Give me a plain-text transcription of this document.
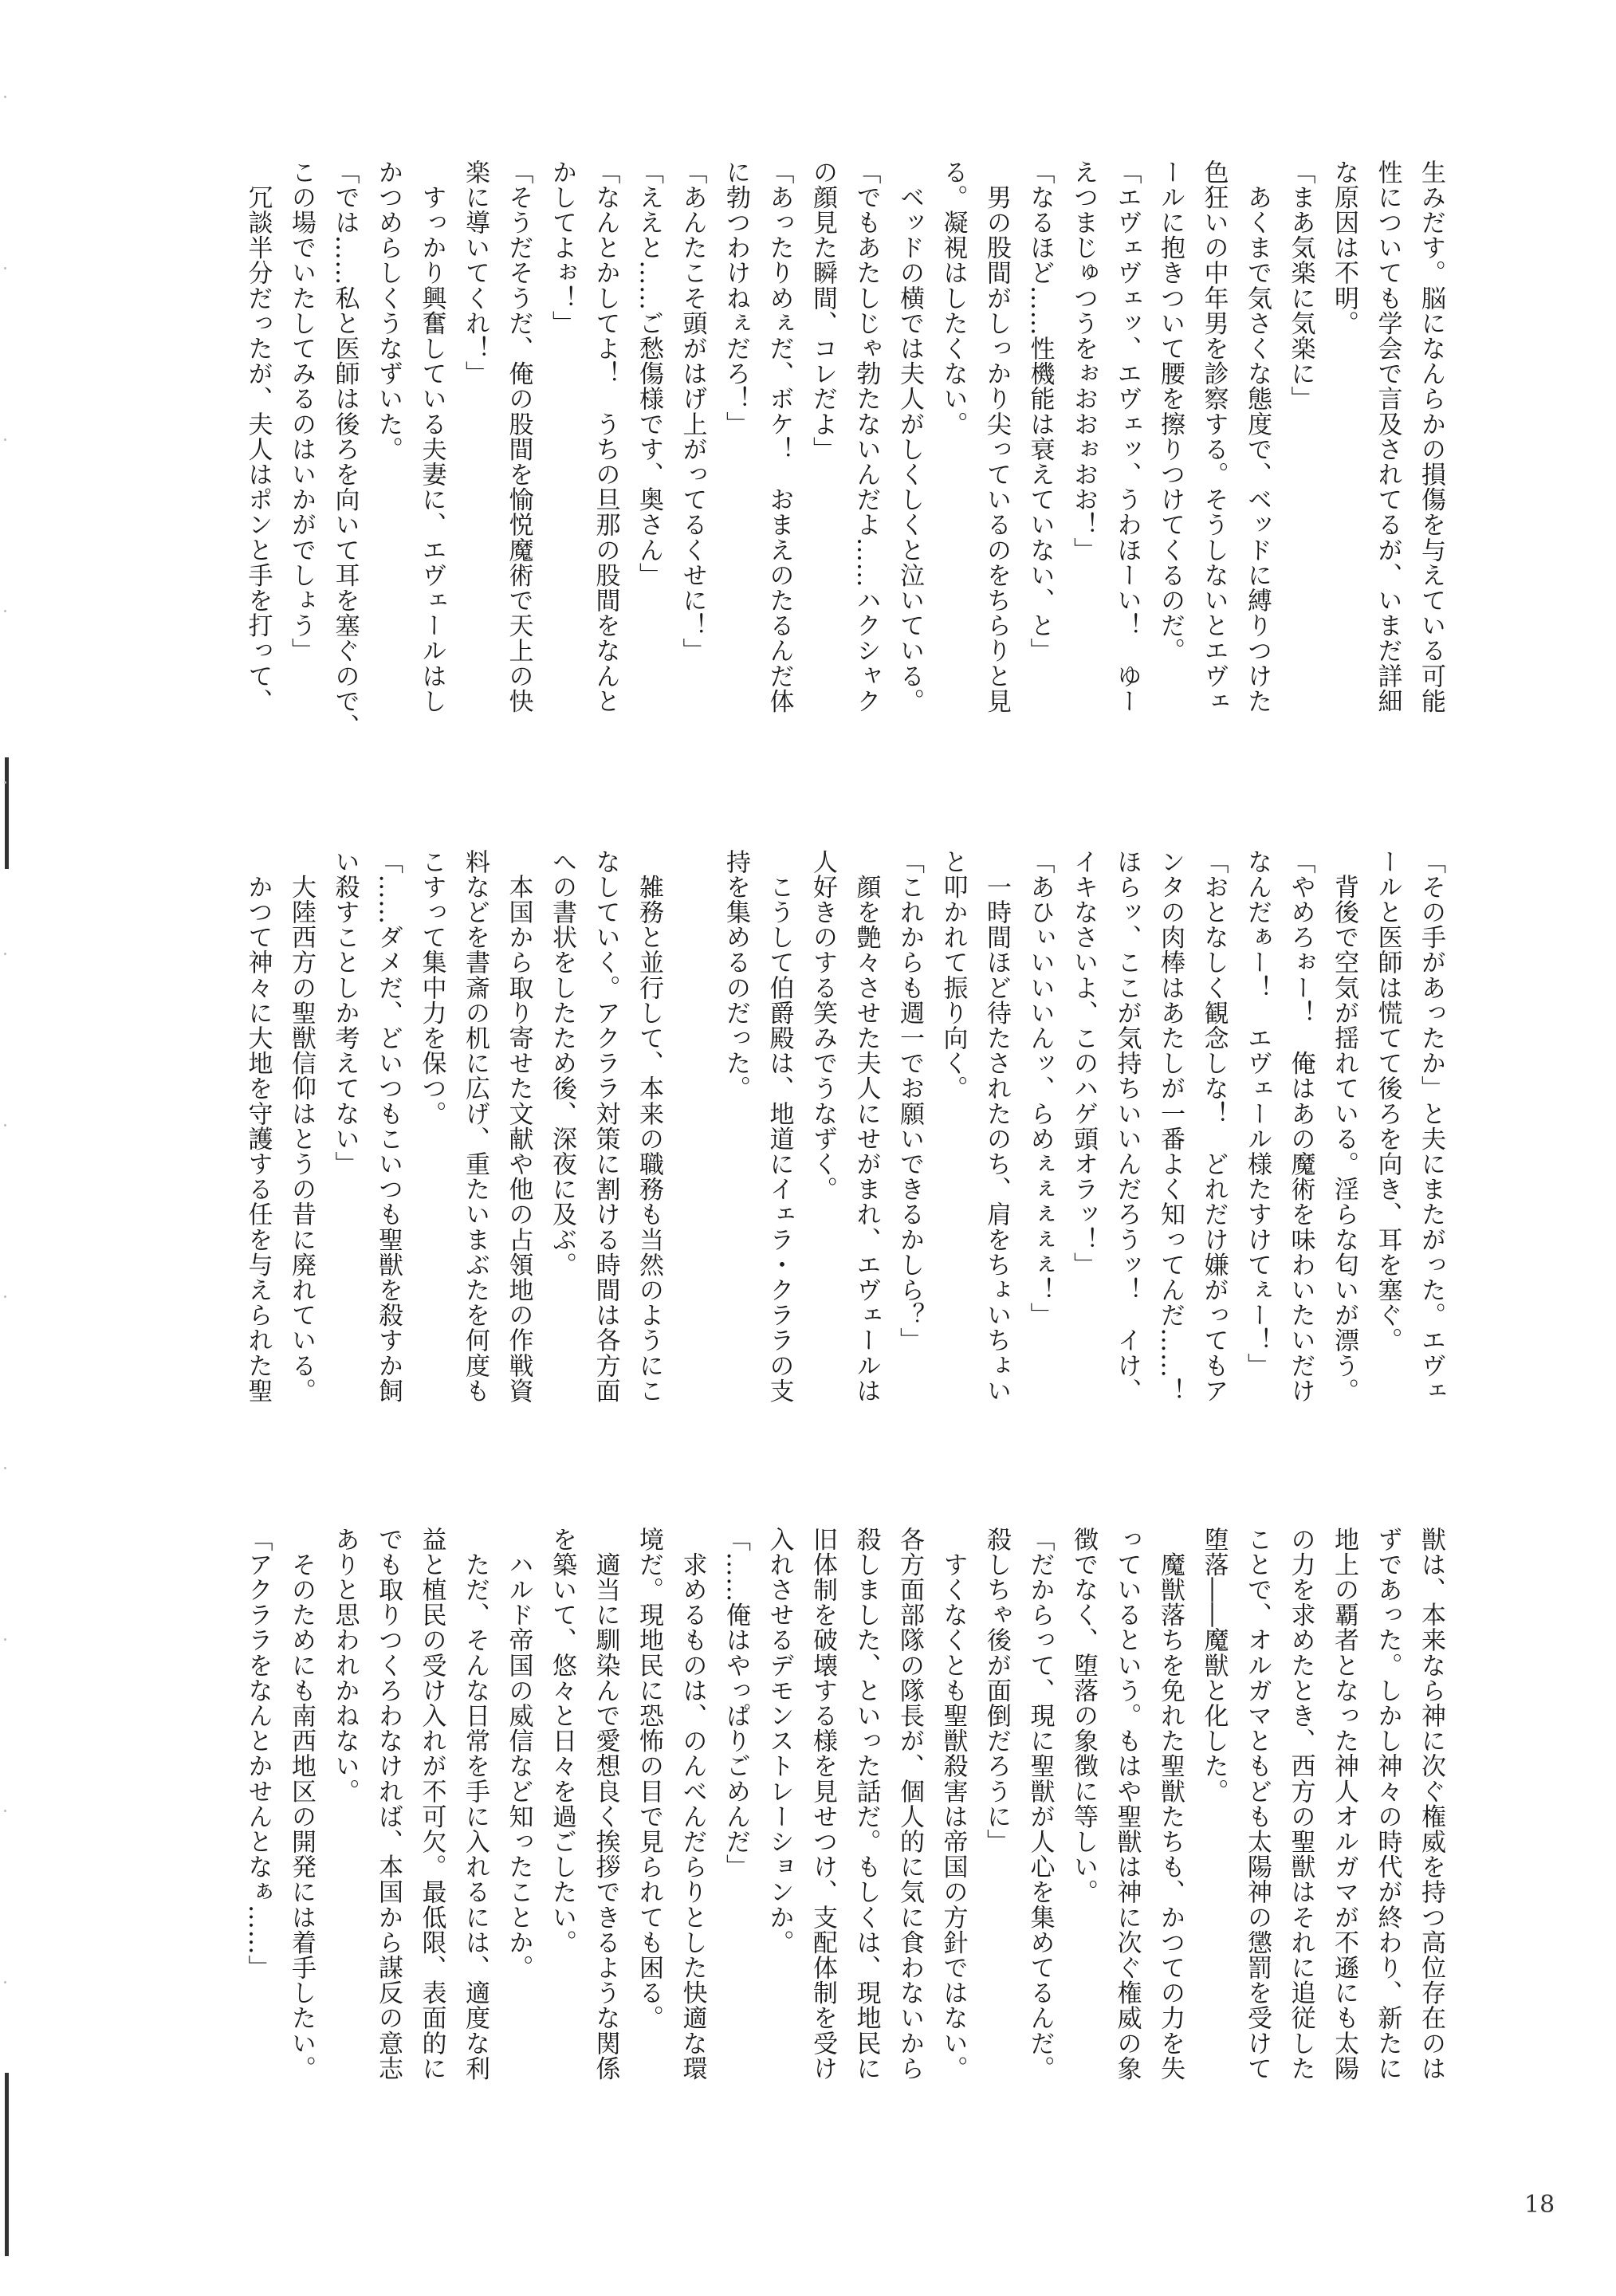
生みだす。脳になんらかの損傷を与えている可能
性についても学会で言及されてるが、いまだ詳細
な原因は不明。
「まあ気楽に気楽に」
　あくまで気さくな態度で、ベッドに縛りつけた
色狂いの中年男を診察する。そうしないとエヴェ
ールに抱きついて腰を擦りつけてくるのだ。
「エヴェヴェッ、エヴェッ、うわほーい！　ゆー
えつまじゅつうをぉおおぉおお！」
「なるほど……性機能は衰えていない、と」
　男の股間がしっかり尖っているのをちらりと見
る。凝視はしたくない。
　ベッドの横では夫人がしくしくと泣いている。
「でもあたしじゃ勃たないんだよ……ハクシャク
の顔見た瞬間、コレだよ」
「あったりめぇだ、ボケ！　おまえのたるんだ体
に勃つわけねぇだろ！」
「あんたこそ頭がはげ上がってるくせに！」
「ええと……ご愁傷様です、奥さん」
「なんとかしてよ！　うちの旦那の股間をなんと
かしてよぉ！」
「そうだそうだ、俺の股間を愉悦魔術で天上の快
楽に導いてくれ！」
　すっかり興奮している夫妻に、エヴェールはし
かつめらしくうなずいた。
「では……私と医師は後ろを向いて耳を塞ぐので、
この場でいたしてみるのはいかがでしょう」
　冗談半分だったが、夫人はポンと手を打って、
「その手があったか」と夫にまたがった。エヴェ
ールと医師は慌てて後ろを向き、耳を塞ぐ。
　背後で空気が揺れている。淫らな匂いが漂う。
「やめろぉー！　俺はあの魔術を味わいたいだけ
なんだぁー！　エヴェール様たすけてぇー！」
「おとなしく観念しな！　どれだけ嫌がってもア
ンタの肉棒はあたしが一番よく知ってんだ……！
ほらッ、ここが気持ちいいんだろうッ！　イけ、
イキなさいよ、このハゲ頭オラッ！」
「あひぃいいいんッ、らめぇぇぇぇぇ！」
　一時間ほど待たされたのち、肩をちょいちょい
と叩かれて振り向く。
「これからも週一でお願いできるかしら？」
　顔を艶々させた夫人にせがまれ、エヴェールは
人好きのする笑みでうなずく。
　こうして伯爵殿は、地道にイェラ・クララの支
持を集めるのだった。

　雑務と並行して、本来の職務も当然のようにこ
なしていく。アクララ対策に割ける時間は各方面
への書状をしたため後、深夜に及ぶ。
　本国から取り寄せた文献や他の占領地の作戦資
料などを書斎の机に広げ、重たいまぶたを何度も
こすって集中力を保つ。
「……ダメだ、どいつもこいつも聖獣を殺すか飼
い殺すことしか考えてない」
　大陸西方の聖獣信仰はとうの昔に廃れている。
　かつて神々に大地を守護する任を与えられた聖
獣は、本来なら神に次ぐ権威を持つ高位存在のは
ずであった。しかし神々の時代が終わり、新たに
地上の覇者となった神人オルガマが不遜にも太陽
の力を求めたとき、西方の聖獣はそれに追従した
ことで、オルガマともども太陽神の懲罰を受けて
堕落――魔獣と化した。
　魔獣落ちを免れた聖獣たちも、かつての力を失
っているという。もはや聖獣は神に次ぐ権威の象
徴でなく、堕落の象徴に等しい。
「だからって、現に聖獣が人心を集めてるんだ。
殺しちゃ後が面倒だろうに」
　すくなくとも聖獣殺害は帝国の方針ではない。
各方面部隊の隊長が、個人的に気に食わないから
殺しました、といった話だ。もしくは、現地民に
旧体制を破壊する様を見せつけ、支配体制を受け
入れさせるデモンストレーションか。
「……俺はやっぱりごめんだ」
　求めるものは、のんべんだらりとした快適な環
境だ。現地民に恐怖の目で見られても困る。
　適当に馴染んで愛想良く挨拶できるような関係
を築いて、悠々と日々を過ごしたい。
　ハルド帝国の威信など知ったことか。
　ただ、そんな日常を手に入れるには、適度な利
益と植民の受け入れが不可欠。最低限、表面的に
でも取りつくろわなければ、本国から謀反の意志
ありと思われかねない。
　そのためにも南西地区の開発には着手したい。
「アクララをなんとかせんとなぁ……」
18
